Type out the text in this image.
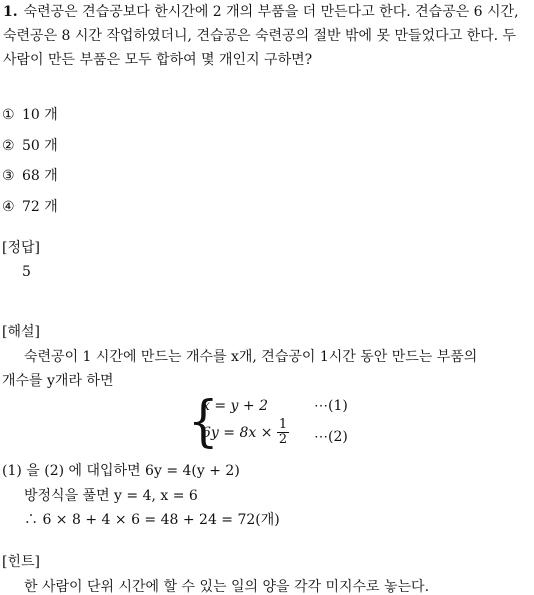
1. 숙련공은 견습공보다 한시간에 2 개의 부품을 더 만든다고 한다. 견습공은 6 시간, 숙련공은 8 시간 작업하였더니, 견습공은 숙련공의 절반 밖에 못 만들었다고 한다. 두 사람이 만든 부품은 모두 합하여 몇 개인지 구하면?
① 10 개
② 50 개
③ 68 개
④ 72 개
[정답]
5
[해설]
숙련공이 1 시간에 만드는 개수를 x개, 견습공이 1시간 동안 만드는 부품의
개수를 y개라 하면
{
x = y + 2	⋯(1)
$6y = 8x \times \frac{1}{2}$ ⋯(2)
(1) 을 (2) 에 대입하면 6y = 4(y + 2)
방정식을 풀면 y = 4, x = 6
∴ 6 × 8 + 4 × 6 = 48 + 24 = 72(개)
[힌트]
한 사람이 단위 시간에 할 수 있는 일의 양을 각각 미지수로 놓는다.
